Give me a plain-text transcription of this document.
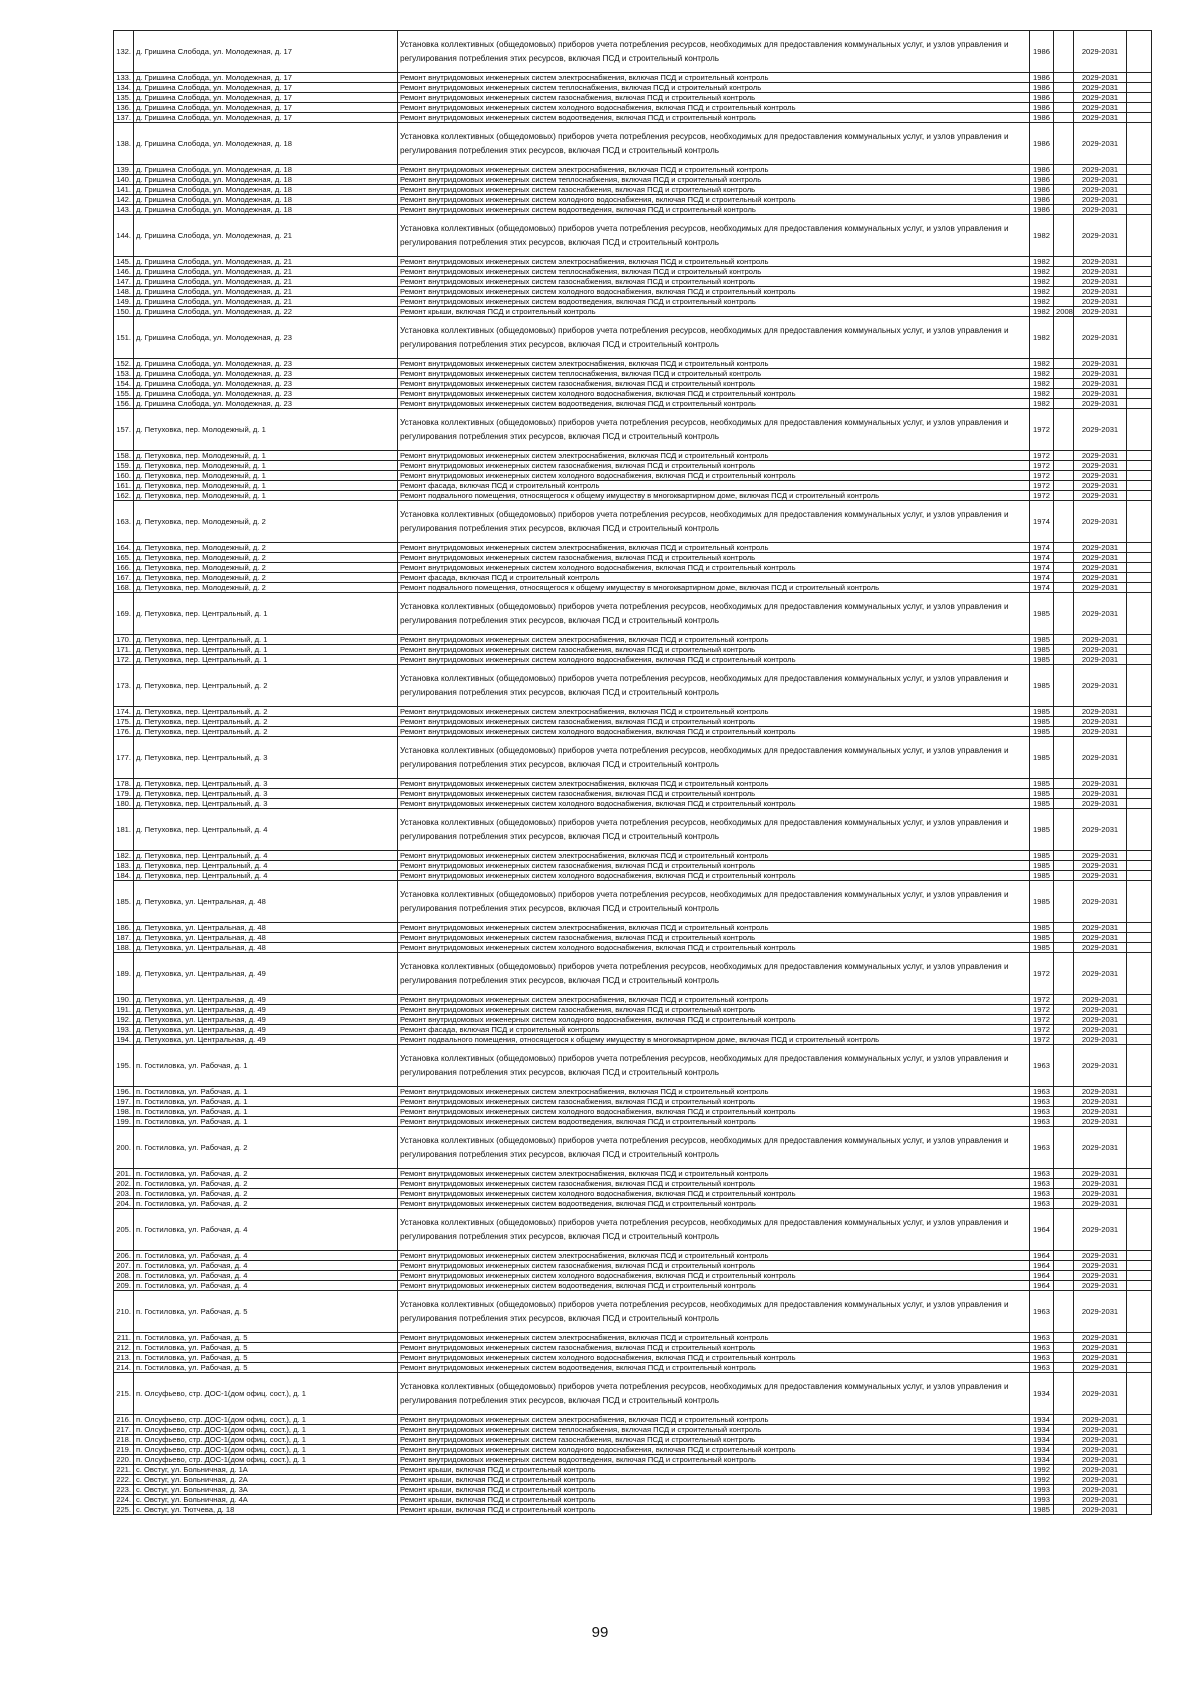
132.	д. Гришина Слобода, ул. Молодежная, д. 17	Установка коллективных (общедомовых) приборов учета потребления ресурсов, необходимых для предоставления коммунальных услуг, и узлов управления и регулирования потребления этих ресурсов, включая ПСД и строительный контроль	1986		2029-2031	
133.	д. Гришина Слобода, ул. Молодежная, д. 17	Ремонт внутридомовых инженерных систем электроснабжения, включая ПСД и строительный контроль	1986		2029-2031	
134.	д. Гришина Слобода, ул. Молодежная, д. 17	Ремонт внутридомовых инженерных систем теплоснабжения, включая ПСД и строительный контроль	1986		2029-2031	
135.	д. Гришина Слобода, ул. Молодежная, д. 17	Ремонт внутридомовых инженерных систем газоснабжения, включая ПСД и строительный контроль	1986		2029-2031	
136.	д. Гришина Слобода, ул. Молодежная, д. 17	Ремонт внутридомовых инженерных систем холодного водоснабжения, включая ПСД и строительный контроль	1986		2029-2031	
137.	д. Гришина Слобода, ул. Молодежная, д. 17	Ремонт внутридомовых инженерных систем водоотведения, включая ПСД и строительный контроль	1986		2029-2031	
138.	д. Гришина Слобода, ул. Молодежная, д. 18	Установка коллективных (общедомовых) приборов учета потребления ресурсов, необходимых для предоставления коммунальных услуг, и узлов управления и регулирования потребления этих ресурсов, включая ПСД и строительный контроль	1986		2029-2031	
139.	д. Гришина Слобода, ул. Молодежная, д. 18	Ремонт внутридомовых инженерных систем электроснабжения, включая ПСД и строительный контроль	1986		2029-2031	
140.	д. Гришина Слобода, ул. Молодежная, д. 18	Ремонт внутридомовых инженерных систем теплоснабжения, включая ПСД и строительный контроль	1986		2029-2031	
141.	д. Гришина Слобода, ул. Молодежная, д. 18	Ремонт внутридомовых инженерных систем газоснабжения, включая ПСД и строительный контроль	1986		2029-2031	
142.	д. Гришина Слобода, ул. Молодежная, д. 18	Ремонт внутридомовых инженерных систем холодного водоснабжения, включая ПСД и строительный контроль	1986		2029-2031	
143.	д. Гришина Слобода, ул. Молодежная, д. 18	Ремонт внутридомовых инженерных систем водоотведения, включая ПСД и строительный контроль	1986		2029-2031	
144.	д. Гришина Слобода, ул. Молодежная, д. 21	Установка коллективных (общедомовых) приборов учета потребления ресурсов, необходимых для предоставления коммунальных услуг, и узлов управления и регулирования потребления этих ресурсов, включая ПСД и строительный контроль	1982		2029-2031	
145.	д. Гришина Слобода, ул. Молодежная, д. 21	Ремонт внутридомовых инженерных систем электроснабжения, включая ПСД и строительный контроль	1982		2029-2031	
146.	д. Гришина Слобода, ул. Молодежная, д. 21	Ремонт внутридомовых инженерных систем теплоснабжения, включая ПСД и строительный контроль	1982		2029-2031	
147.	д. Гришина Слобода, ул. Молодежная, д. 21	Ремонт внутридомовых инженерных систем газоснабжения, включая ПСД и строительный контроль	1982		2029-2031	
148.	д. Гришина Слобода, ул. Молодежная, д. 21	Ремонт внутридомовых инженерных систем холодного водоснабжения, включая ПСД и строительный контроль	1982		2029-2031	
149.	д. Гришина Слобода, ул. Молодежная, д. 21	Ремонт внутридомовых инженерных систем водоотведения, включая ПСД и строительный контроль	1982		2029-2031	
150.	д. Гришина Слобода, ул. Молодежная, д. 22	Ремонт крыши, включая ПСД и строительный контроль	1982	2008	2029-2031	
151.	д. Гришина Слобода, ул. Молодежная, д. 23	Установка коллективных (общедомовых) приборов учета потребления ресурсов, необходимых для предоставления коммунальных услуг, и узлов управления и регулирования потребления этих ресурсов, включая ПСД и строительный контроль	1982		2029-2031	
152.	д. Гришина Слобода, ул. Молодежная, д. 23	Ремонт внутридомовых инженерных систем электроснабжения, включая ПСД и строительный контроль	1982		2029-2031	
153.	д. Гришина Слобода, ул. Молодежная, д. 23	Ремонт внутридомовых инженерных систем теплоснабжения, включая ПСД и строительный контроль	1982		2029-2031	
154.	д. Гришина Слобода, ул. Молодежная, д. 23	Ремонт внутридомовых инженерных систем газоснабжения, включая ПСД и строительный контроль	1982		2029-2031	
155.	д. Гришина Слобода, ул. Молодежная, д. 23	Ремонт внутридомовых инженерных систем холодного водоснабжения, включая ПСД и строительный контроль	1982		2029-2031	
156.	д. Гришина Слобода, ул. Молодежная, д. 23	Ремонт внутридомовых инженерных систем водоотведения, включая ПСД и строительный контроль	1982		2029-2031	
157.	д. Петуховка, пер. Молодежный, д. 1	Установка коллективных (общедомовых) приборов учета потребления ресурсов, необходимых для предоставления коммунальных услуг, и узлов управления и регулирования потребления этих ресурсов, включая ПСД и строительный контроль	1972		2029-2031	
158.	д. Петуховка, пер. Молодежный, д. 1	Ремонт внутридомовых инженерных систем электроснабжения, включая ПСД и строительный контроль	1972		2029-2031	
159.	д. Петуховка, пер. Молодежный, д. 1	Ремонт внутридомовых инженерных систем газоснабжения, включая ПСД и строительный контроль	1972		2029-2031	
160.	д. Петуховка, пер. Молодежный, д. 1	Ремонт внутридомовых инженерных систем холодного водоснабжения, включая ПСД и строительный контроль	1972		2029-2031	
161.	д. Петуховка, пер. Молодежный, д. 1	Ремонт фасада, включая ПСД и строительный контроль	1972		2029-2031	
162.	д. Петуховка, пер. Молодежный, д. 1	Ремонт подвального помещения, относящегося к общему имуществу в многоквартирном доме, включая ПСД и строительный контроль	1972		2029-2031	
163.	д. Петуховка, пер. Молодежный, д. 2	Установка коллективных (общедомовых) приборов учета потребления ресурсов, необходимых для предоставления коммунальных услуг, и узлов управления и регулирования потребления этих ресурсов, включая ПСД и строительный контроль	1974		2029-2031	
164.	д. Петуховка, пер. Молодежный, д. 2	Ремонт внутридомовых инженерных систем электроснабжения, включая ПСД и строительный контроль	1974		2029-2031	
165.	д. Петуховка, пер. Молодежный, д. 2	Ремонт внутридомовых инженерных систем газоснабжения, включая ПСД и строительный контроль	1974		2029-2031	
166.	д. Петуховка, пер. Молодежный, д. 2	Ремонт внутридомовых инженерных систем холодного водоснабжения, включая ПСД и строительный контроль	1974		2029-2031	
167.	д. Петуховка, пер. Молодежный, д. 2	Ремонт фасада, включая ПСД и строительный контроль	1974		2029-2031	
168.	д. Петуховка, пер. Молодежный, д. 2	Ремонт подвального помещения, относящегося к общему имуществу в многоквартирном доме, включая ПСД и строительный контроль	1974		2029-2031	
169.	д. Петуховка, пер. Центральный, д. 1	Установка коллективных (общедомовых) приборов учета потребления ресурсов, необходимых для предоставления коммунальных услуг, и узлов управления и регулирования потребления этих ресурсов, включая ПСД и строительный контроль	1985		2029-2031	
170.	д. Петуховка, пер. Центральный, д. 1	Ремонт внутридомовых инженерных систем электроснабжения, включая ПСД и строительный контроль	1985		2029-2031	
171.	д. Петуховка, пер. Центральный, д. 1	Ремонт внутридомовых инженерных систем газоснабжения, включая ПСД и строительный контроль	1985		2029-2031	
172.	д. Петуховка, пер. Центральный, д. 1	Ремонт внутридомовых инженерных систем холодного водоснабжения, включая ПСД и строительный контроль	1985		2029-2031	
173.	д. Петуховка, пер. Центральный, д. 2	Установка коллективных (общедомовых) приборов учета потребления ресурсов, необходимых для предоставления коммунальных услуг, и узлов управления и регулирования потребления этих ресурсов, включая ПСД и строительный контроль	1985		2029-2031	
174.	д. Петуховка, пер. Центральный, д. 2	Ремонт внутридомовых инженерных систем электроснабжения, включая ПСД и строительный контроль	1985		2029-2031	
175.	д. Петуховка, пер. Центральный, д. 2	Ремонт внутридомовых инженерных систем газоснабжения, включая ПСД и строительный контроль	1985		2029-2031	
176.	д. Петуховка, пер. Центральный, д. 2	Ремонт внутридомовых инженерных систем холодного водоснабжения, включая ПСД и строительный контроль	1985		2029-2031	
177.	д. Петуховка, пер. Центральный, д. 3	Установка коллективных (общедомовых) приборов учета потребления ресурсов, необходимых для предоставления коммунальных услуг, и узлов управления и регулирования потребления этих ресурсов, включая ПСД и строительный контроль	1985		2029-2031	
178.	д. Петуховка, пер. Центральный, д. 3	Ремонт внутридомовых инженерных систем электроснабжения, включая ПСД и строительный контроль	1985		2029-2031	
179.	д. Петуховка, пер. Центральный, д. 3	Ремонт внутридомовых инженерных систем газоснабжения, включая ПСД и строительный контроль	1985		2029-2031	
180.	д. Петуховка, пер. Центральный, д. 3	Ремонт внутридомовых инженерных систем холодного водоснабжения, включая ПСД и строительный контроль	1985		2029-2031	
181.	д. Петуховка, пер. Центральный, д. 4	Установка коллективных (общедомовых) приборов учета потребления ресурсов, необходимых для предоставления коммунальных услуг, и узлов управления и регулирования потребления этих ресурсов, включая ПСД и строительный контроль	1985		2029-2031	
182.	д. Петуховка, пер. Центральный, д. 4	Ремонт внутридомовых инженерных систем электроснабжения, включая ПСД и строительный контроль	1985		2029-2031	
183.	д. Петуховка, пер. Центральный, д. 4	Ремонт внутридомовых инженерных систем газоснабжения, включая ПСД и строительный контроль	1985		2029-2031	
184.	д. Петуховка, пер. Центральный, д. 4	Ремонт внутридомовых инженерных систем холодного водоснабжения, включая ПСД и строительный контроль	1985		2029-2031	
185.	д. Петуховка, ул. Центральная, д. 48	Установка коллективных (общедомовых) приборов учета потребления ресурсов, необходимых для предоставления коммунальных услуг, и узлов управления и регулирования потребления этих ресурсов, включая ПСД и строительный контроль	1985		2029-2031	
186.	д. Петуховка, ул. Центральная, д. 48	Ремонт внутридомовых инженерных систем электроснабжения, включая ПСД и строительный контроль	1985		2029-2031	
187.	д. Петуховка, ул. Центральная, д. 48	Ремонт внутридомовых инженерных систем газоснабжения, включая ПСД и строительный контроль	1985		2029-2031	
188.	д. Петуховка, ул. Центральная, д. 48	Ремонт внутридомовых инженерных систем холодного водоснабжения, включая ПСД и строительный контроль	1985		2029-2031	
189.	д. Петуховка, ул. Центральная, д. 49	Установка коллективных (общедомовых) приборов учета потребления ресурсов, необходимых для предоставления коммунальных услуг, и узлов управления и регулирования потребления этих ресурсов, включая ПСД и строительный контроль	1972		2029-2031	
190.	д. Петуховка, ул. Центральная, д. 49	Ремонт внутридомовых инженерных систем электроснабжения, включая ПСД и строительный контроль	1972		2029-2031	
191.	д. Петуховка, ул. Центральная, д. 49	Ремонт внутридомовых инженерных систем газоснабжения, включая ПСД и строительный контроль	1972		2029-2031	
192.	д. Петуховка, ул. Центральная, д. 49	Ремонт внутридомовых инженерных систем холодного водоснабжения, включая ПСД и строительный контроль	1972		2029-2031	
193.	д. Петуховка, ул. Центральная, д. 49	Ремонт фасада, включая ПСД и строительный контроль	1972		2029-2031	
194.	д. Петуховка, ул. Центральная, д. 49	Ремонт подвального помещения, относящегося к общему имуществу в многоквартирном доме, включая ПСД и строительный контроль	1972		2029-2031	
195.	п. Гостиловка, ул. Рабочая, д. 1	Установка коллективных (общедомовых) приборов учета потребления ресурсов, необходимых для предоставления коммунальных услуг, и узлов управления и регулирования потребления этих ресурсов, включая ПСД и строительный контроль	1963		2029-2031	
196.	п. Гостиловка, ул. Рабочая, д. 1	Ремонт внутридомовых инженерных систем электроснабжения, включая ПСД и строительный контроль	1963		2029-2031	
197.	п. Гостиловка, ул. Рабочая, д. 1	Ремонт внутридомовых инженерных систем газоснабжения, включая ПСД и строительный контроль	1963		2029-2031	
198.	п. Гостиловка, ул. Рабочая, д. 1	Ремонт внутридомовых инженерных систем холодного водоснабжения, включая ПСД и строительный контроль	1963		2029-2031	
199.	п. Гостиловка, ул. Рабочая, д. 1	Ремонт внутридомовых инженерных систем водоотведения, включая ПСД и строительный контроль	1963		2029-2031	
200.	п. Гостиловка, ул. Рабочая, д. 2	Установка коллективных (общедомовых) приборов учета потребления ресурсов, необходимых для предоставления коммунальных услуг, и узлов управления и регулирования потребления этих ресурсов, включая ПСД и строительный контроль	1963		2029-2031	
201.	п. Гостиловка, ул. Рабочая, д. 2	Ремонт внутридомовых инженерных систем электроснабжения, включая ПСД и строительный контроль	1963		2029-2031	
202.	п. Гостиловка, ул. Рабочая, д. 2	Ремонт внутридомовых инженерных систем газоснабжения, включая ПСД и строительный контроль	1963		2029-2031	
203.	п. Гостиловка, ул. Рабочая, д. 2	Ремонт внутридомовых инженерных систем холодного водоснабжения, включая ПСД и строительный контроль	1963		2029-2031	
204.	п. Гостиловка, ул. Рабочая, д. 2	Ремонт внутридомовых инженерных систем водоотведения, включая ПСД и строительный контроль	1963		2029-2031	
205.	п. Гостиловка, ул. Рабочая, д. 4	Установка коллективных (общедомовых) приборов учета потребления ресурсов, необходимых для предоставления коммунальных услуг, и узлов управления и регулирования потребления этих ресурсов, включая ПСД и строительный контроль	1964		2029-2031	
206.	п. Гостиловка, ул. Рабочая, д. 4	Ремонт внутридомовых инженерных систем электроснабжения, включая ПСД и строительный контроль	1964		2029-2031	
207.	п. Гостиловка, ул. Рабочая, д. 4	Ремонт внутридомовых инженерных систем газоснабжения, включая ПСД и строительный контроль	1964		2029-2031	
208.	п. Гостиловка, ул. Рабочая, д. 4	Ремонт внутридомовых инженерных систем холодного водоснабжения, включая ПСД и строительный контроль	1964		2029-2031	
209.	п. Гостиловка, ул. Рабочая, д. 4	Ремонт внутридомовых инженерных систем водоотведения, включая ПСД и строительный контроль	1964		2029-2031	
210.	п. Гостиловка, ул. Рабочая, д. 5	Установка коллективных (общедомовых) приборов учета потребления ресурсов, необходимых для предоставления коммунальных услуг, и узлов управления и регулирования потребления этих ресурсов, включая ПСД и строительный контроль	1963		2029-2031	
211.	п. Гостиловка, ул. Рабочая, д. 5	Ремонт внутридомовых инженерных систем электроснабжения, включая ПСД и строительный контроль	1963		2029-2031	
212.	п. Гостиловка, ул. Рабочая, д. 5	Ремонт внутридомовых инженерных систем газоснабжения, включая ПСД и строительный контроль	1963		2029-2031	
213.	п. Гостиловка, ул. Рабочая, д. 5	Ремонт внутридомовых инженерных систем холодного водоснабжения, включая ПСД и строительный контроль	1963		2029-2031	
214.	п. Гостиловка, ул. Рабочая, д. 5	Ремонт внутридомовых инженерных систем водоотведения, включая ПСД и строительный контроль	1963		2029-2031	
215.	п. Олсуфьево, стр. ДОС-1(дом офиц. сост.), д. 1	Установка коллективных (общедомовых) приборов учета потребления ресурсов, необходимых для предоставления коммунальных услуг, и узлов управления и регулирования потребления этих ресурсов, включая ПСД и строительный контроль	1934		2029-2031	
216.	п. Олсуфьево, стр. ДОС-1(дом офиц. сост.), д. 1	Ремонт внутридомовых инженерных систем электроснабжения, включая ПСД и строительный контроль	1934		2029-2031	
217.	п. Олсуфьево, стр. ДОС-1(дом офиц. сост.), д. 1	Ремонт внутридомовых инженерных систем теплоснабжения, включая ПСД и строительный контроль	1934		2029-2031	
218.	п. Олсуфьево, стр. ДОС-1(дом офиц. сост.), д. 1	Ремонт внутридомовых инженерных систем газоснабжения, включая ПСД и строительный контроль	1934		2029-2031	
219.	п. Олсуфьево, стр. ДОС-1(дом офиц. сост.), д. 1	Ремонт внутридомовых инженерных систем холодного водоснабжения, включая ПСД и строительный контроль	1934		2029-2031	
220.	п. Олсуфьево, стр. ДОС-1(дом офиц. сост.), д. 1	Ремонт внутридомовых инженерных систем водоотведения, включая ПСД и строительный контроль	1934		2029-2031	
221.	с. Овстуг, ул. Больничная, д. 1А	Ремонт крыши, включая ПСД и строительный контроль	1992		2029-2031	
222.	с. Овстуг, ул. Больничная, д. 2А	Ремонт крыши, включая ПСД и строительный контроль	1992		2029-2031	
223.	с. Овстуг, ул. Больничная, д. 3А	Ремонт крыши, включая ПСД и строительный контроль	1993		2029-2031	
224.	с. Овстуг, ул. Больничная, д. 4А	Ремонт крыши, включая ПСД и строительный контроль	1993		2029-2031	
225.	с. Овстуг, ул. Тютчева, д. 18	Ремонт крыши, включая ПСД и строительный контроль	1985		2029-2031	
99
